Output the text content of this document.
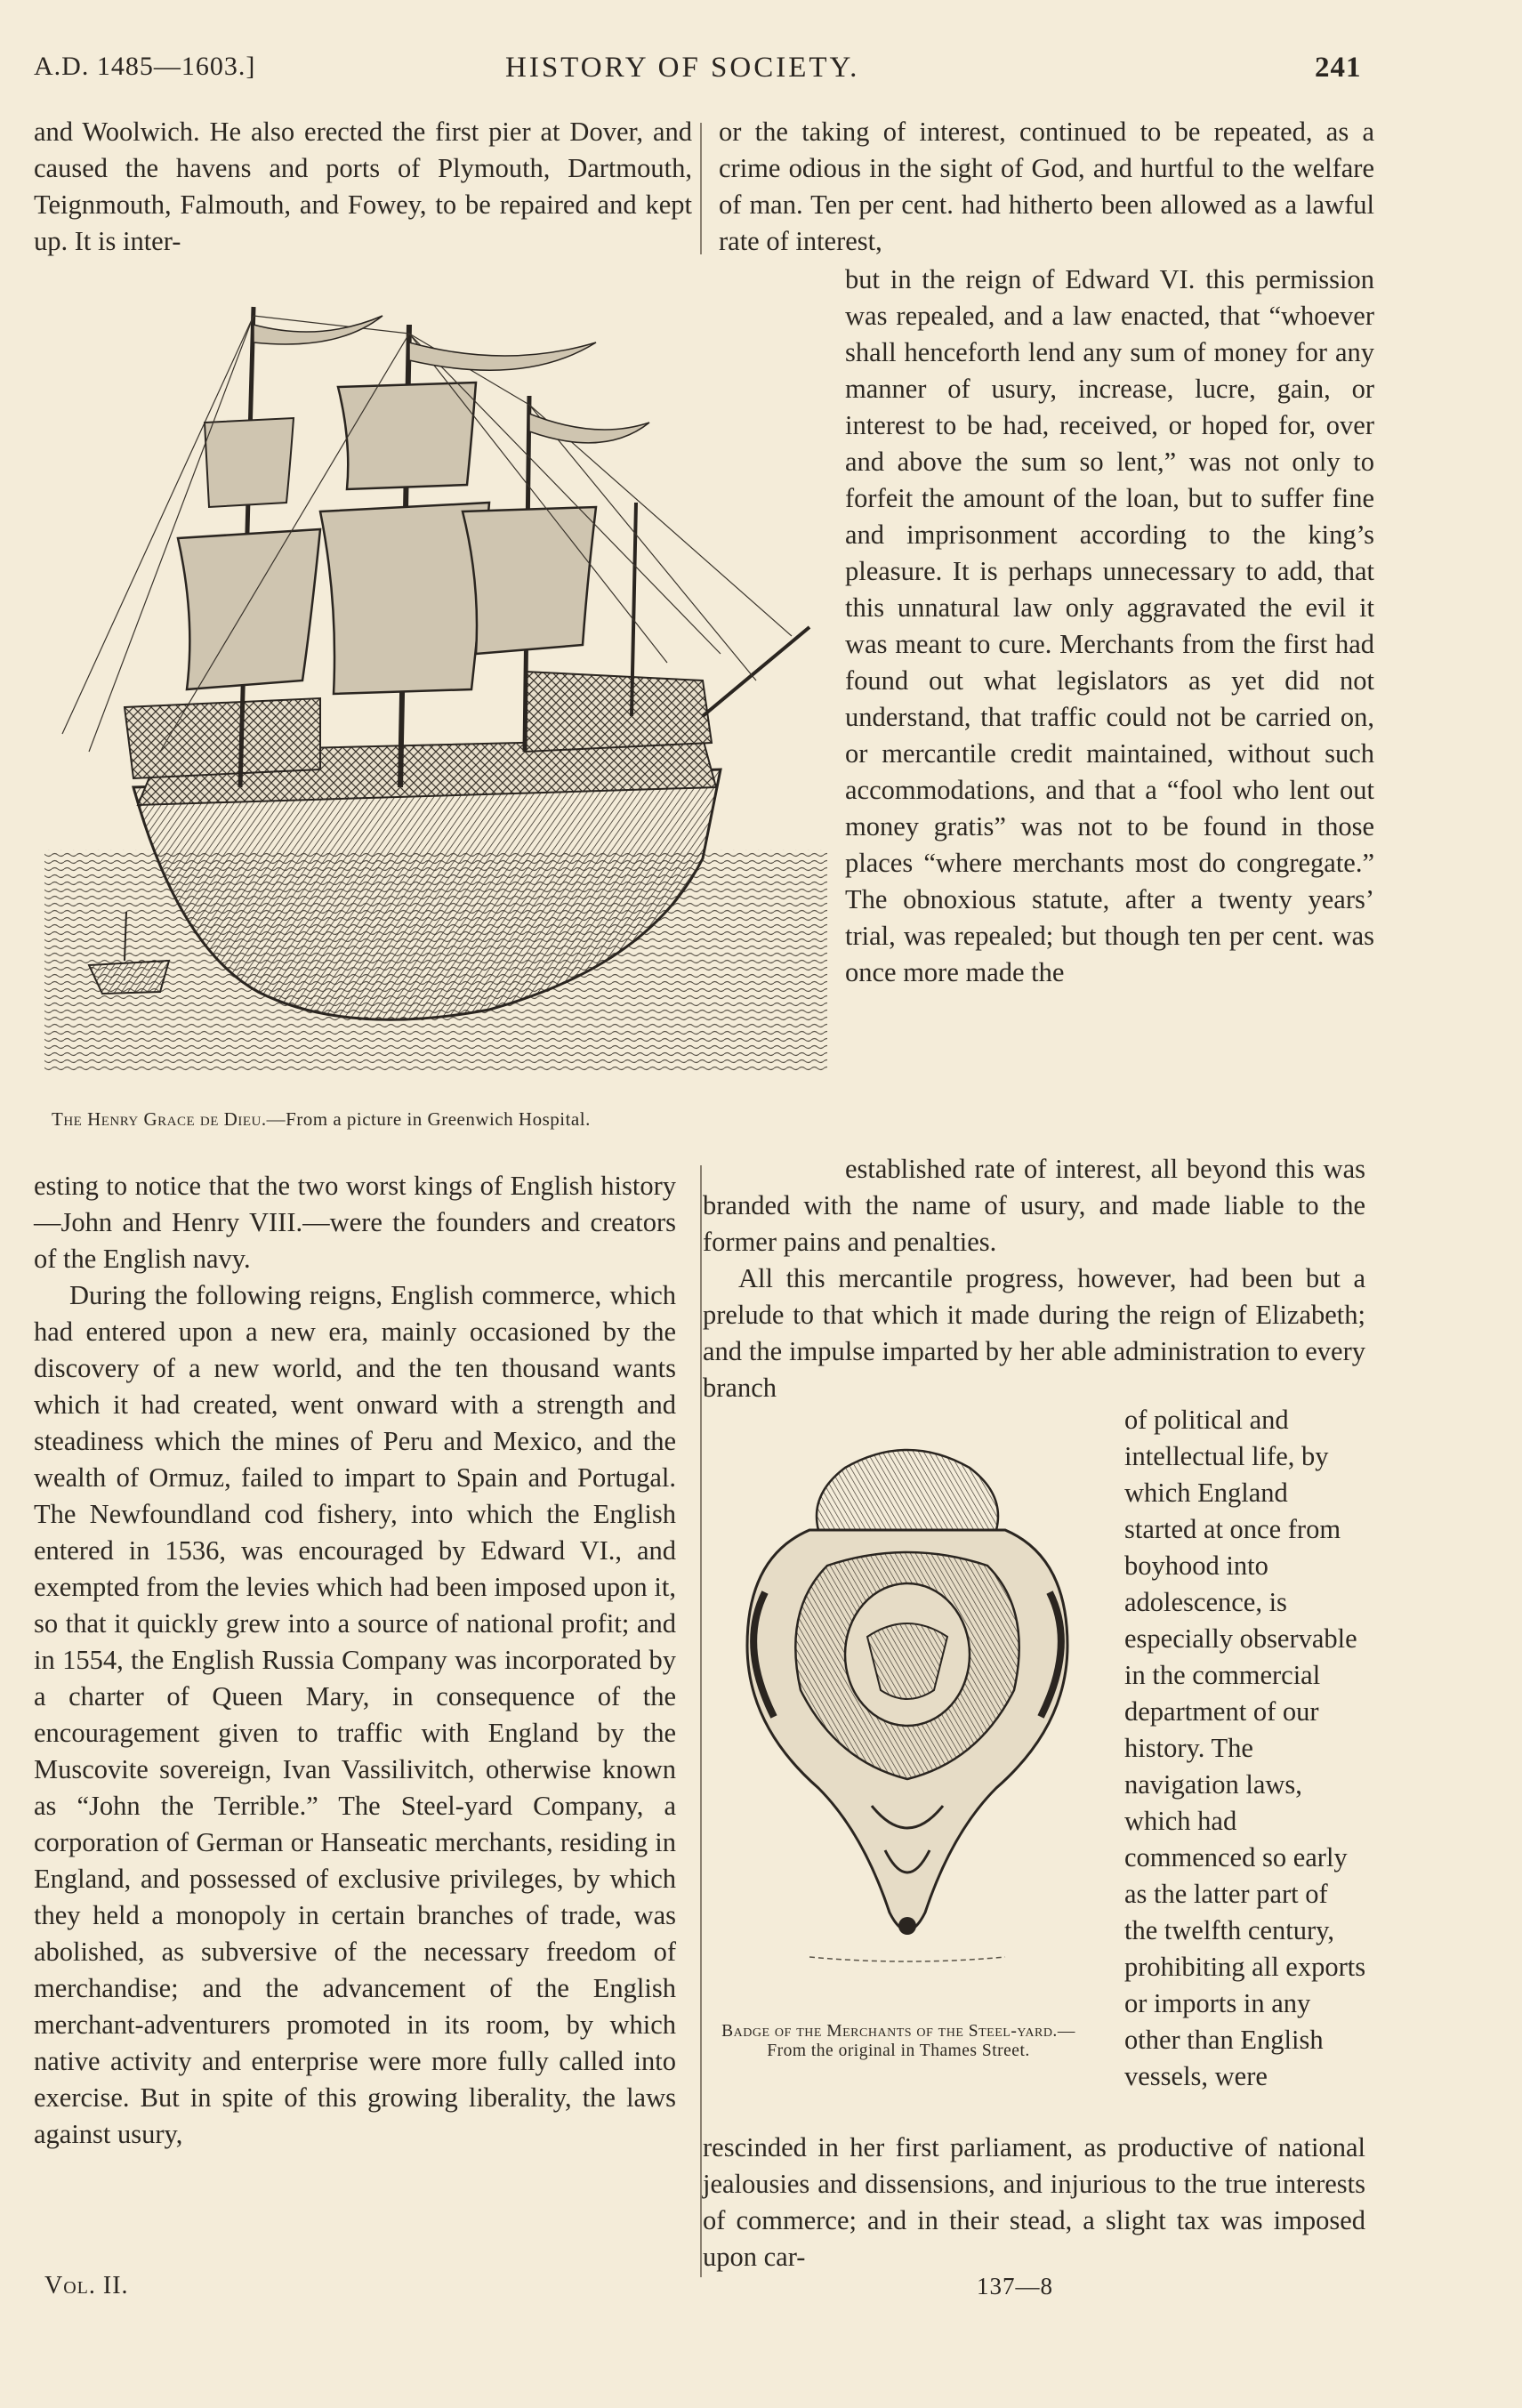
A.D. 1485—1603.]	HISTORY OF SOCIETY.	241

and Woolwich. He also erected the first pier at Dover, and caused the havens and ports of Plymouth, Dartmouth, Teignmouth, Falmouth, and Fowey, to be repaired and kept up. It is inter-

The Henry Grace de Dieu.—From a picture in Greenwich Hospital.

esting to notice that the two worst kings of English history—John and Henry VIII.—were the founders and creators of the English navy.

During the following reigns, English commerce, which had entered upon a new era, mainly occasioned by the discovery of a new world, and the ten thousand wants which it had created, went onward with a strength and steadiness which the mines of Peru and Mexico, and the wealth of Ormuz, failed to impart to Spain and Portugal. The Newfoundland cod fishery, into which the English entered in 1536, was encouraged by Edward VI., and exempted from the levies which had been imposed upon it, so that it quickly grew into a source of national profit; and in 1554, the English Russia Company was incorporated by a charter of Queen Mary, in consequence of the encouragement given to traffic with England by the Muscovite sovereign, Ivan Vassilivitch, otherwise known as “John the Terrible.” The Steel-yard Company, a corporation of German or Hanseatic merchants, residing in England, and possessed of exclusive privileges, by which they held a monopoly in certain branches of trade, was abolished, as subversive of the necessary freedom of merchandise; and the advancement of the English merchant-adventurers promoted in its room, by which native activity and enterprise were more fully called into exercise. But in spite of this growing liberality, the laws against usury,

or the taking of interest, continued to be repeated, as a crime odious in the sight of God, and hurtful to the welfare of man. Ten per cent. had hitherto been allowed as a lawful rate of interest,

but in the reign of Edward VI. this permission was repealed, and a law enacted, that “whoever shall henceforth lend any sum of money for any manner of usury, increase, lucre, gain, or interest to be had, received, or hoped for, over and above the sum so lent,” was not only to forfeit the amount of the loan, but to suffer fine and imprisonment according to the king’s pleasure. It is perhaps unnecessary to add, that this unnatural law only aggravated the evil it was meant to cure. Merchants from the first had found out what legislators as yet did not understand, that traffic could not be carried on, or mercantile credit maintained, without such accommodations, and that a “fool who lent out money gratis” was not to be found in those places “where merchants most do congregate.” The obnoxious statute, after a twenty years’ trial, was repealed; but though ten per cent. was once more made the

established rate of interest, all beyond this was branded with the name of usury, and made liable to the former pains and penalties.

All this mercantile progress, however, had been but a prelude to that which it made during the reign of Elizabeth; and the impulse imparted by her able administration to every branch

Badge of the Merchants of the Steel-yard.—From the original in Thames Street.

of political and intellectual life, by which England started at once from boyhood into adolescence, is especially observable in the commercial department of our history. The navigation laws, which had commenced so early as the latter part of the twelfth century, prohibiting all exports or imports in any other than English vessels, were

rescinded in her first parliament, as productive of national jealousies and dissensions, and injurious to the true interests of commerce; and in their stead, a slight tax was imposed upon car-

Vol. II.	137—8
